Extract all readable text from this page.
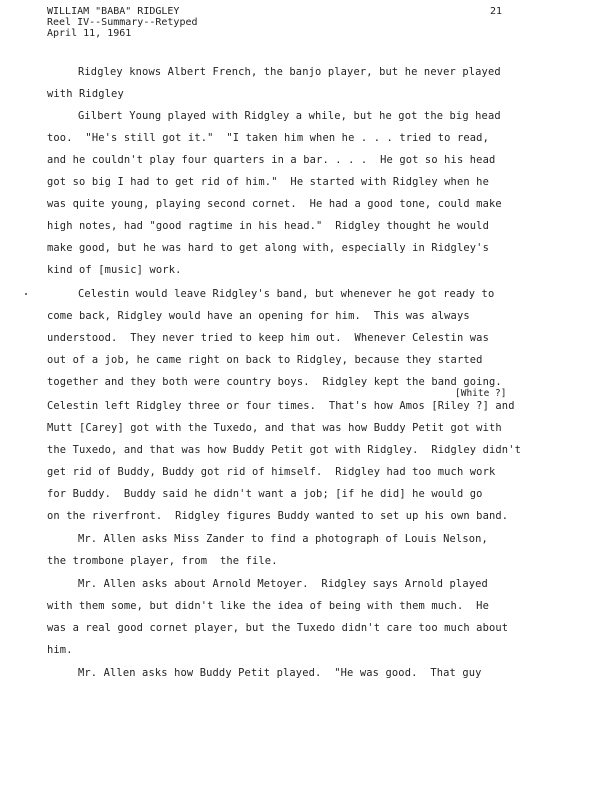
WILLIAM "BABA" RIDGLEY
Reel IV--Summary--Retyped
April 11, 1961
21
Ridgley knows Albert French, the banjo player, but he never played
with Ridgley
Gilbert Young played with Ridgley a while, but he got the big head
too.  "He's still got it."  "I taken him when he . . . tried to read,
and he couldn't play four quarters in a bar. . . .  He got so his head
got so big I had to get rid of him."  He started with Ridgley when he
was quite young, playing second cornet.  He had a good tone, could make
high notes, had "good ragtime in his head."  Ridgley thought he would
make good, but he was hard to get along with, especially in Ridgley's
kind of [music] work.
Celestin would leave Ridgley's band, but whenever he got ready to
come back, Ridgley would have an opening for him.  This was always
understood.  They never tried to keep him out.  Whenever Celestin was
out of a job, he came right on back to Ridgley, because they started
together and they both were country boys.  Ridgley kept the band going.
[White ?]
Celestin left Ridgley three or four times.  That's how Amos [Riley ?] and
Mutt [Carey] got with the Tuxedo, and that was how Buddy Petit got with
the Tuxedo, and that was how Buddy Petit got with Ridgley.  Ridgley didn't
get rid of Buddy, Buddy got rid of himself.  Ridgley had too much work
for Buddy.  Buddy said he didn't want a job; [if he did] he would go
on the riverfront.  Ridgley figures Buddy wanted to set up his own band.
Mr. Allen asks Miss Zander to find a photograph of Louis Nelson,
the trombone player, from  the file.
Mr. Allen asks about Arnold Metoyer.  Ridgley says Arnold played
with them some, but didn't like the idea of being with them much.  He
was a real good cornet player, but the Tuxedo didn't care too much about
him.
Mr. Allen asks how Buddy Petit played.  "He was good.  That guy
